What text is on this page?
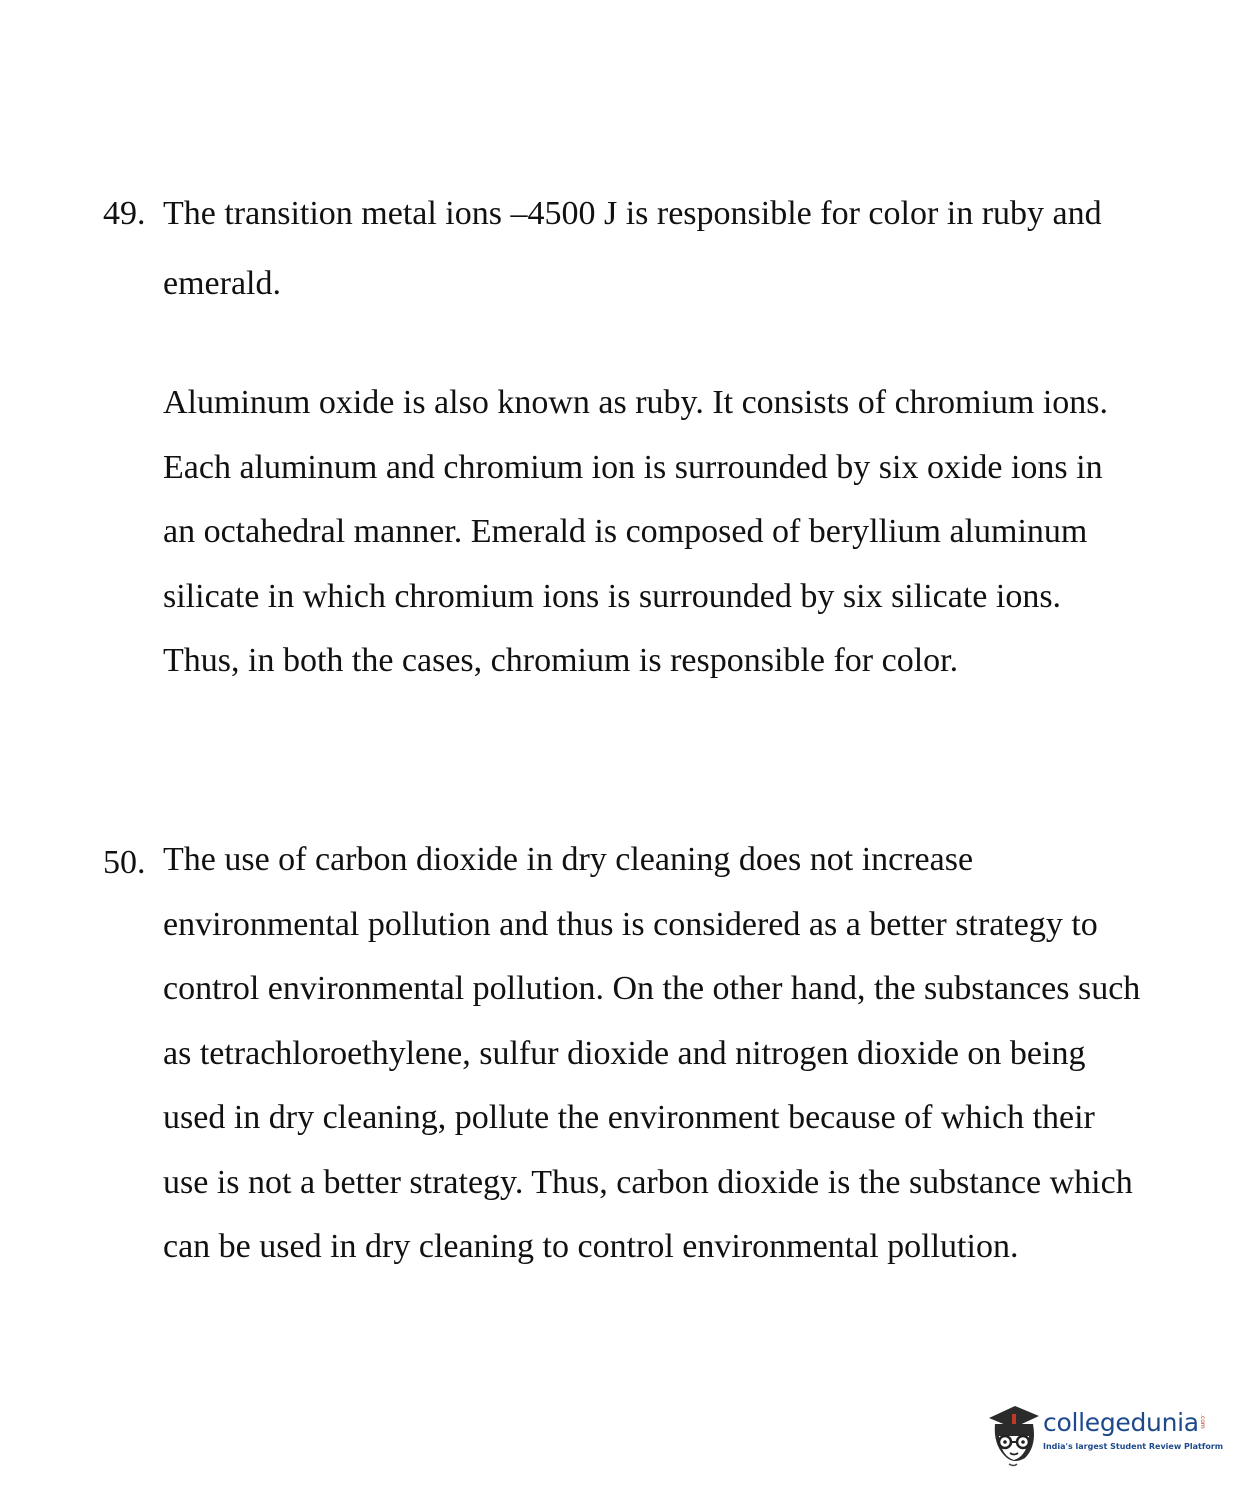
49. The transition metal ions –4500 J is responsible for color in ruby and emerald.

Aluminum oxide is also known as ruby. It consists of chromium ions. Each aluminum and chromium ion is surrounded by six oxide ions in an octahedral manner. Emerald is composed of beryllium aluminum silicate in which chromium ions is surrounded by six silicate ions. Thus, in both the cases, chromium is responsible for color.

50. The use of carbon dioxide in dry cleaning does not increase environmental pollution and thus is considered as a better strategy to control environmental pollution. On the other hand, the substances such as tetrachloroethylene, sulfur dioxide and nitrogen dioxide on being used in dry cleaning, pollute the environment because of which their use is not a better strategy. Thus, carbon dioxide is the substance which can be used in dry cleaning to control environmental pollution.

collegedunia .com
India's largest Student Review Platform
